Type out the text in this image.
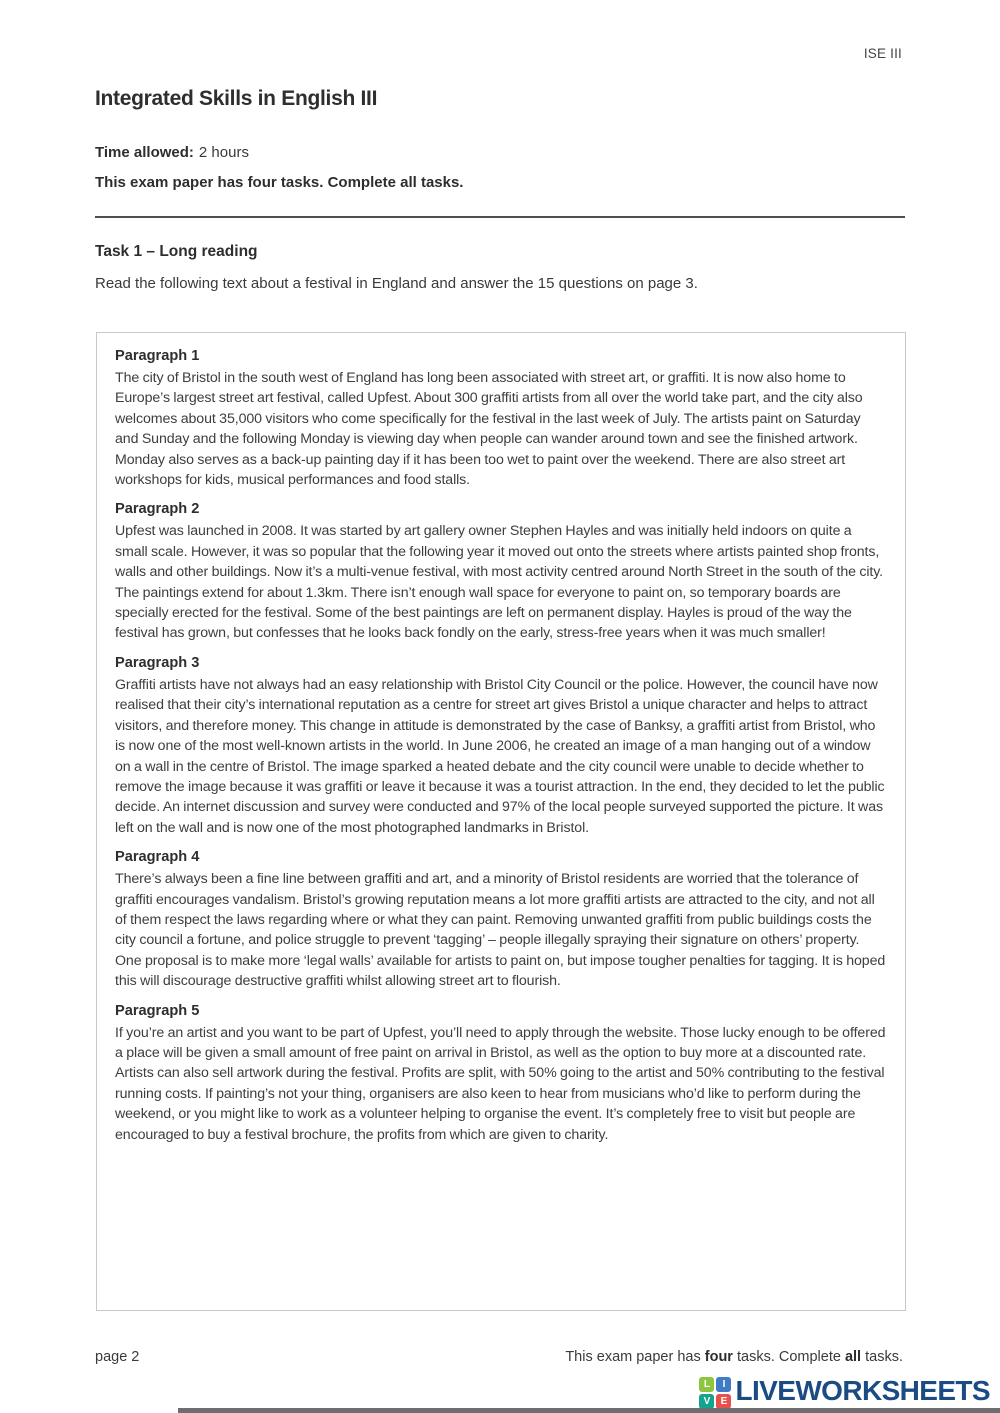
ISE III
Integrated Skills in English III
Time allowed: 2 hours
This exam paper has four tasks. Complete all tasks.
Task 1 – Long reading
Read the following text about a festival in England and answer the 15 questions on page 3.
Paragraph 1
The city of Bristol in the south west of England has long been associated with street art, or graffiti. It is now also home to Europe’s largest street art festival, called Upfest. About 300 graffiti artists from all over the world take part, and the city also welcomes about 35,000 visitors who come specifically for the festival in the last week of July. The artists paint on Saturday and Sunday and the following Monday is viewing day when people can wander around town and see the finished artwork. Monday also serves as a back-up painting day if it has been too wet to paint over the weekend. There are also street art workshops for kids, musical performances and food stalls.
Paragraph 2
Upfest was launched in 2008. It was started by art gallery owner Stephen Hayles and was initially held indoors on quite a small scale. However, it was so popular that the following year it moved out onto the streets where artists painted shop fronts, walls and other buildings. Now it’s a multi-venue festival, with most activity centred around North Street in the south of the city. The paintings extend for about 1.3km. There isn’t enough wall space for everyone to paint on, so temporary boards are specially erected for the festival. Some of the best paintings are left on permanent display. Hayles is proud of the way the festival has grown, but confesses that he looks back fondly on the early, stress-free years when it was much smaller!
Paragraph 3
Graffiti artists have not always had an easy relationship with Bristol City Council or the police. However, the council have now realised that their city’s international reputation as a centre for street art gives Bristol a unique character and helps to attract visitors, and therefore money. This change in attitude is demonstrated by the case of Banksy, a graffiti artist from Bristol, who is now one of the most well-known artists in the world. In June 2006, he created an image of a man hanging out of a window on a wall in the centre of Bristol. The image sparked a heated debate and the city council were unable to decide whether to remove the image because it was graffiti or leave it because it was a tourist attraction. In the end, they decided to let the public decide. An internet discussion and survey were conducted and 97% of the local people surveyed supported the picture. It was left on the wall and is now one of the most photographed landmarks in Bristol.
Paragraph 4
There’s always been a fine line between graffiti and art, and a minority of Bristol residents are worried that the tolerance of graffiti encourages vandalism. Bristol’s growing reputation means a lot more graffiti artists are attracted to the city, and not all of them respect the laws regarding where or what they can paint. Removing unwanted graffiti from public buildings costs the city council a fortune, and police struggle to prevent ‘tagging’ – people illegally spraying their signature on others’ property. One proposal is to make more ‘legal walls’ available for artists to paint on, but impose tougher penalties for tagging. It is hoped this will discourage destructive graffiti whilst allowing street art to flourish.
Paragraph 5
If you’re an artist and you want to be part of Upfest, you’ll need to apply through the website. Those lucky enough to be offered a place will be given a small amount of free paint on arrival in Bristol, as well as the option to buy more at a discounted rate. Artists can also sell artwork during the festival. Profits are split, with 50% going to the artist and 50% contributing to the festival running costs. If painting’s not your thing, organisers are also keen to hear from musicians who’d like to perform during the weekend, or you might like to work as a volunteer helping to organise the event. It’s completely free to visit but people are encouraged to buy a festival brochure, the profits from which are given to charity.
page 2	This exam paper has four tasks. Complete all tasks.
L	I
V	E LIVEWORKSHEETS
